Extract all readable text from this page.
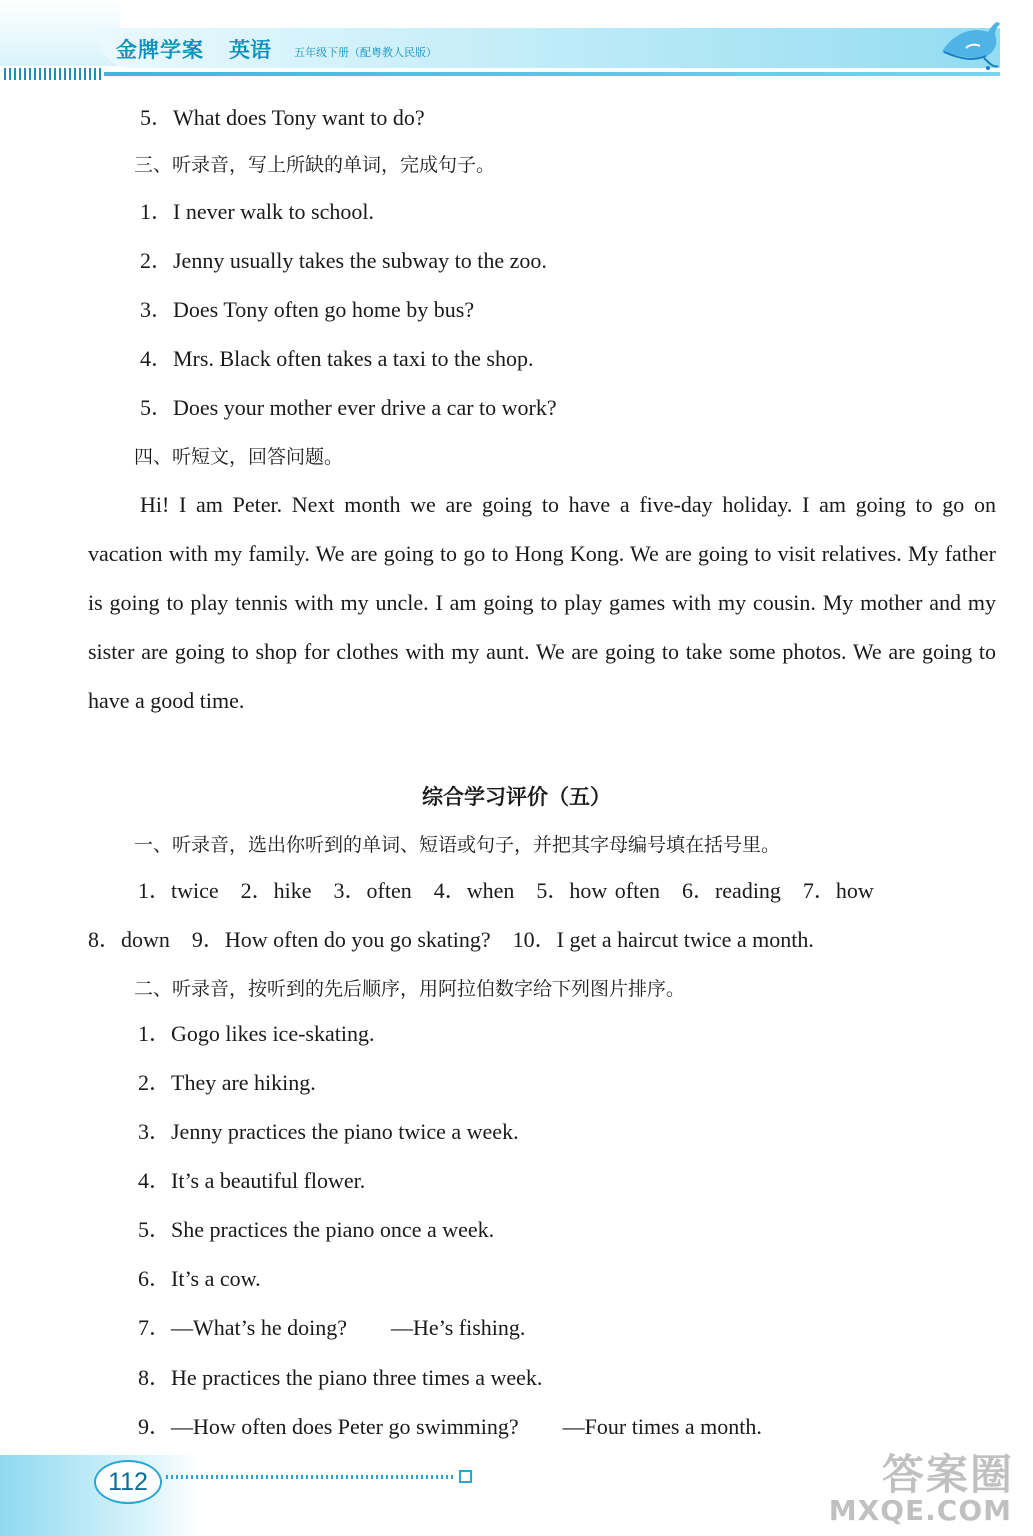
金牌学案 英语 五年级下册（配粤教人民版）
5．What does Tony want to do?
三、听录音，写上所缺的单词，完成句子。
1．I never walk to school.
2．Jenny usually takes the subway to the zoo.
3．Does Tony often go home by bus?
4．Mrs. Black often takes a taxi to the shop.
5．Does your mother ever drive a car to work?
四、听短文，回答问题。
Hi! I am Peter. Next month we are going to have a five-day holiday. I am going to go on vacation with my family. We are going to go to Hong Kong. We are going to visit relatives. My father is going to play tennis with my uncle. I am going to play games with my cousin. My mother and my sister are going to shop for clothes with my aunt. We are going to take some photos. We are going to have a good time.
综合学习评价（五）
一、听录音，选出你听到的单词、短语或句子，并把其字母编号填在括号里。
1．twice　2．hike　3．often　4．when　5．how often　6．reading　7．how
8．down　9．How often do you go skating?　10．I get a haircut twice a month.
二、听录音，按听到的先后顺序，用阿拉伯数字给下列图片排序。
1．Gogo likes ice-skating.
2．They are hiking.
3．Jenny practices the piano twice a week.
4．It’s a beautiful flower.
5．She practices the piano once a week.
6．It’s a cow.
7．—What’s he doing?　　—He’s fishing.
8．He practices the piano three times a week.
9．—How often does Peter go swimming?　　—Four times a month.
112	答案圈
MXQE.COM
